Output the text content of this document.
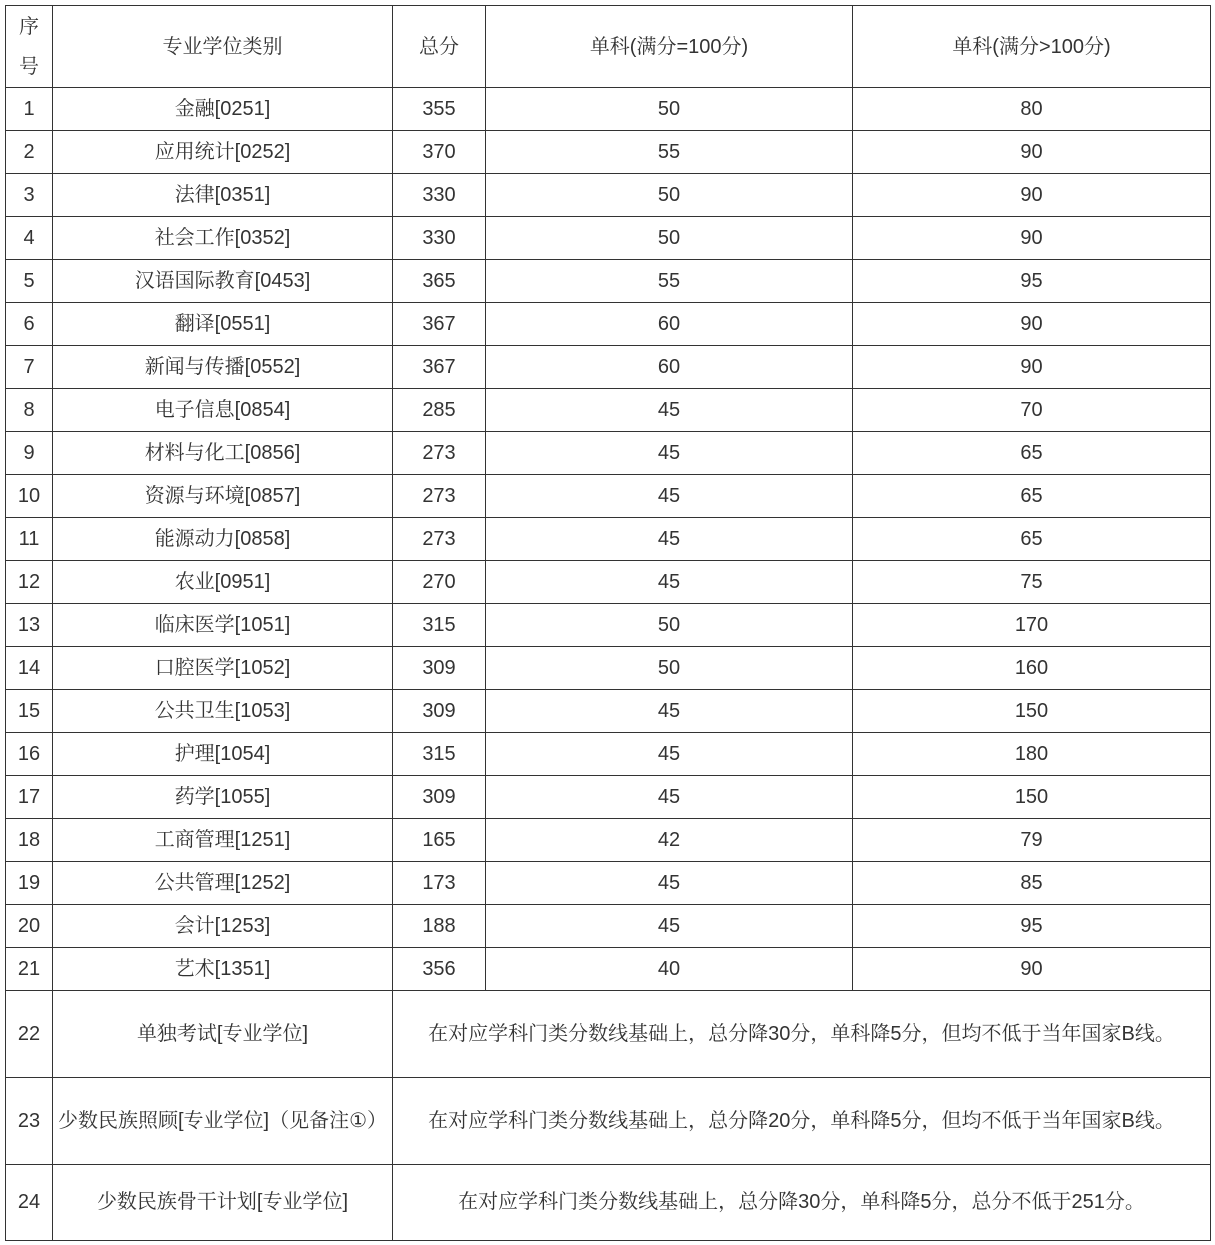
序号	专业学位类别	总分	单科(满分=100分)	单科(满分>100分)
1	金融[0251]	355	50	80
2	应用统计[0252]	370	55	90
3	法律[0351]	330	50	90
4	社会工作[0352]	330	50	90
5	汉语国际教育[0453]	365	55	95
6	翻译[0551]	367	60	90
7	新闻与传播[0552]	367	60	90
8	电子信息[0854]	285	45	70
9	材料与化工[0856]	273	45	65
10	资源与环境[0857]	273	45	65
11	能源动力[0858]	273	45	65
12	农业[0951]	270	45	75
13	临床医学[1051]	315	50	170
14	口腔医学[1052]	309	50	160
15	公共卫生[1053]	309	45	150
16	护理[1054]	315	45	180
17	药学[1055]	309	45	150
18	工商管理[1251]	165	42	79
19	公共管理[1252]	173	45	85
20	会计[1253]	188	45	95
21	艺术[1351]	356	40	90
22	单独考试[专业学位]	在对应学科门类分数线基础上，总分降30分，单科降5分，但均不低于当年国家B线。		
23	少数民族照顾[专业学位]（见备注①）	在对应学科门类分数线基础上，总分降20分，单科降5分，但均不低于当年国家B线。		
24	少数民族骨干计划[专业学位]	在对应学科门类分数线基础上，总分降30分，单科降5分，总分不低于251分。		
